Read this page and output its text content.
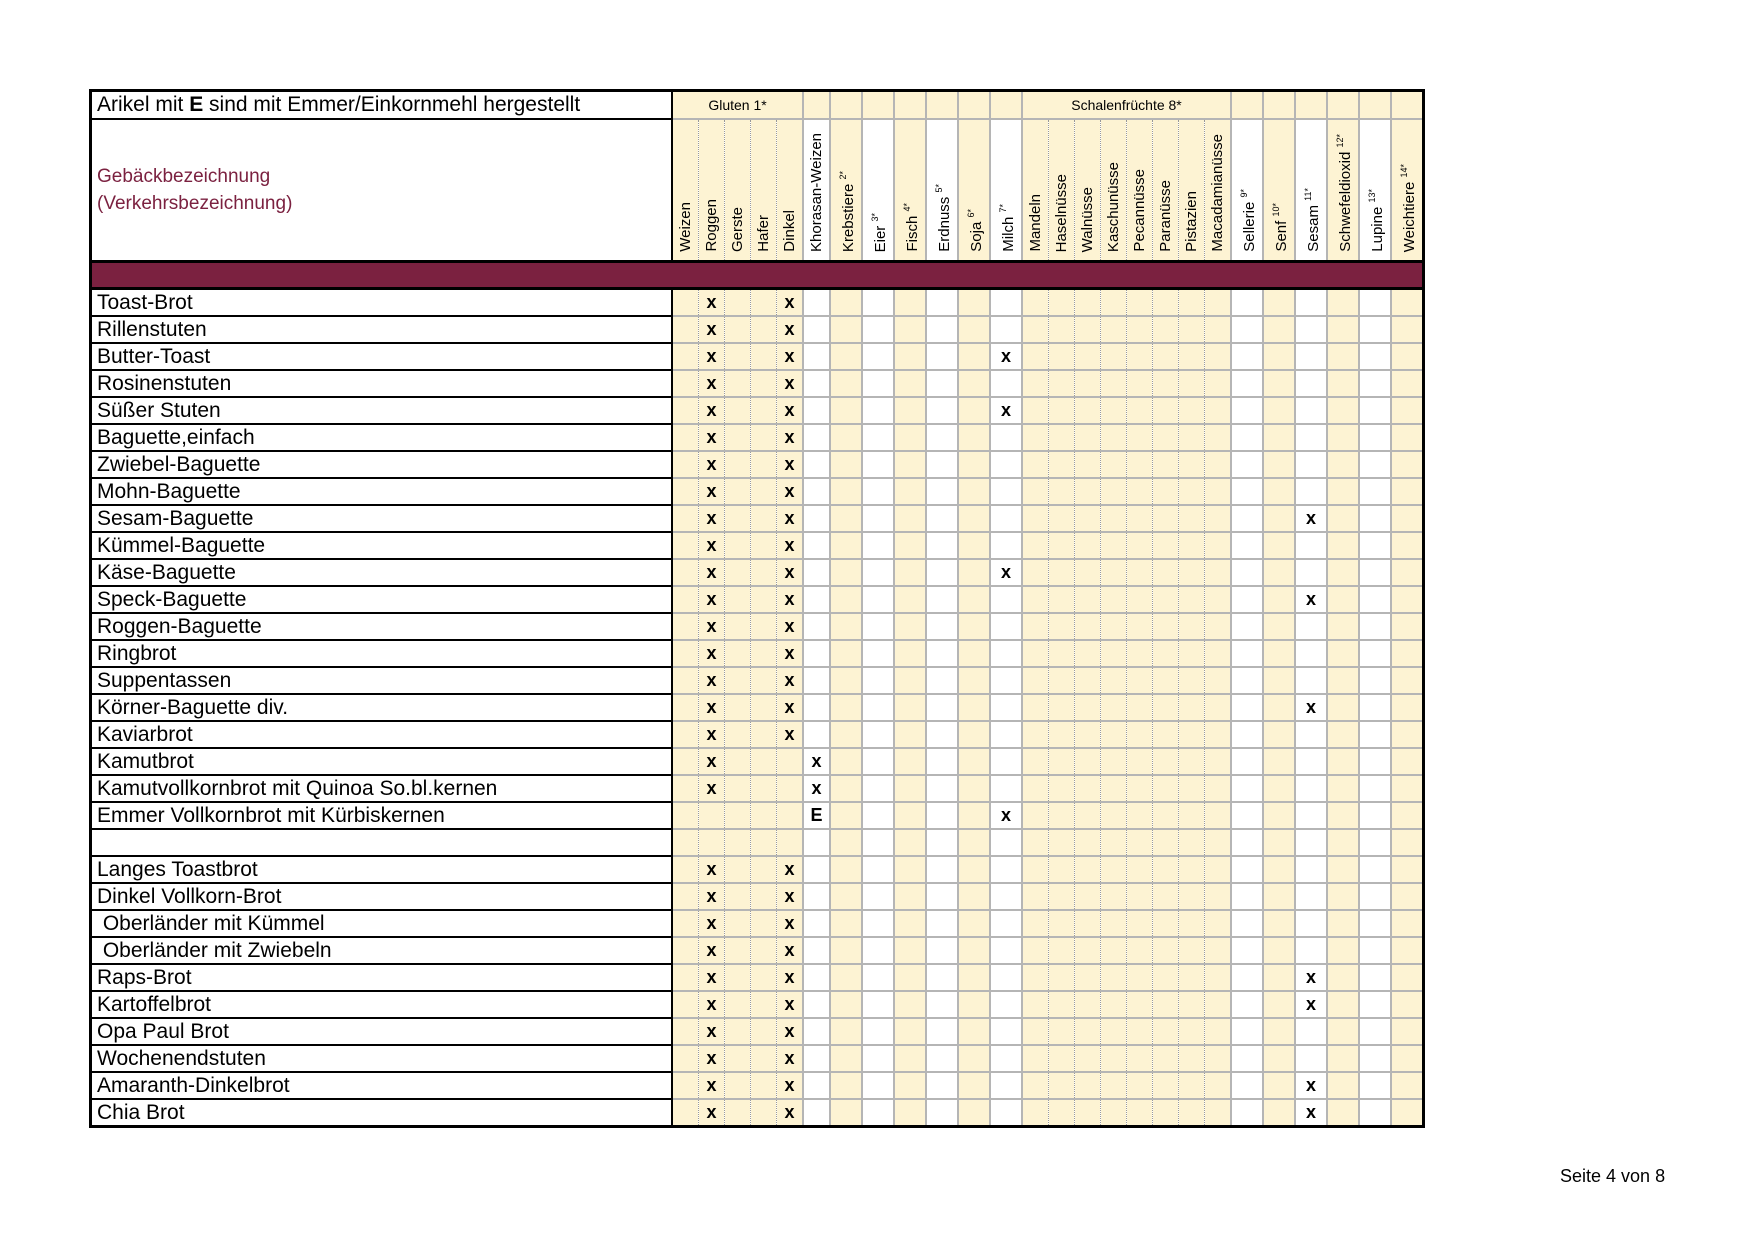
Arikel mit E sind mit Emmer/Einkornmehl hergestellt	Gluten 1*												Schalenfrüchte 8*													
Gebäckbezeichnung
(Verkehrsbezeichnung)	Weizen	Roggen	Gerste	Hafer	Dinkel	Khorasan-Weizen	Krebstiere $^{2*}$	Eier $^{3*}$	Fisch $^{4*}$	Erdnuss $^{5*}$	Soja $^{6*}$	Milch $^{7*}$	Mandeln	Haselnüsse	Walnüsse	Kaschunüsse	Pecannüsse	Paranüsse	Pistazien	Macadamianüsse	Sellerie $^{9*}$	Senf $^{10*}$	Sesam $^{11*}$	Schwefeldioxid $^{12*}$	Lupine $^{13*}$	Weichtiere $^{14*}$

Toast-Brot		x			x																					
Rillenstuten		x			x																					
Butter-Toast		x			x							x														
Rosinenstuten		x			x																					
Süßer Stuten		x			x							x														
Baguette,einfach		x			x																					
Zwiebel-Baguette		x			x																					
Mohn-Baguette		x			x																					
Sesam-Baguette		x			x																		x			
Kümmel-Baguette		x			x																					
Käse-Baguette		x			x							x														
Speck-Baguette		x			x																		x			
Roggen-Baguette		x			x																					
Ringbrot		x			x																					
Suppentassen		x			x																					
Körner-Baguette div.		x			x																		x			
Kaviarbrot		x			x																					
Kamutbrot		x				x																				
Kamutvollkornbrot mit Quinoa So.bl.kernen		x				x																				
Emmer Vollkornbrot mit Kürbiskernen						E						x														

Langes Toastbrot		x			x																					
Dinkel Vollkorn-Brot		x			x																					
Oberländer mit Kümmel		x			x																					
Oberländer mit Zwiebeln		x			x																					
Raps-Brot		x			x																		x			
Kartoffelbrot		x			x																		x			
Opa Paul Brot		x			x																					
Wochenendstuten		x			x																					
Amaranth-Dinkelbrot		x			x																		x			
Chia Brot		x			x																		x			
Seite 4 von 8
